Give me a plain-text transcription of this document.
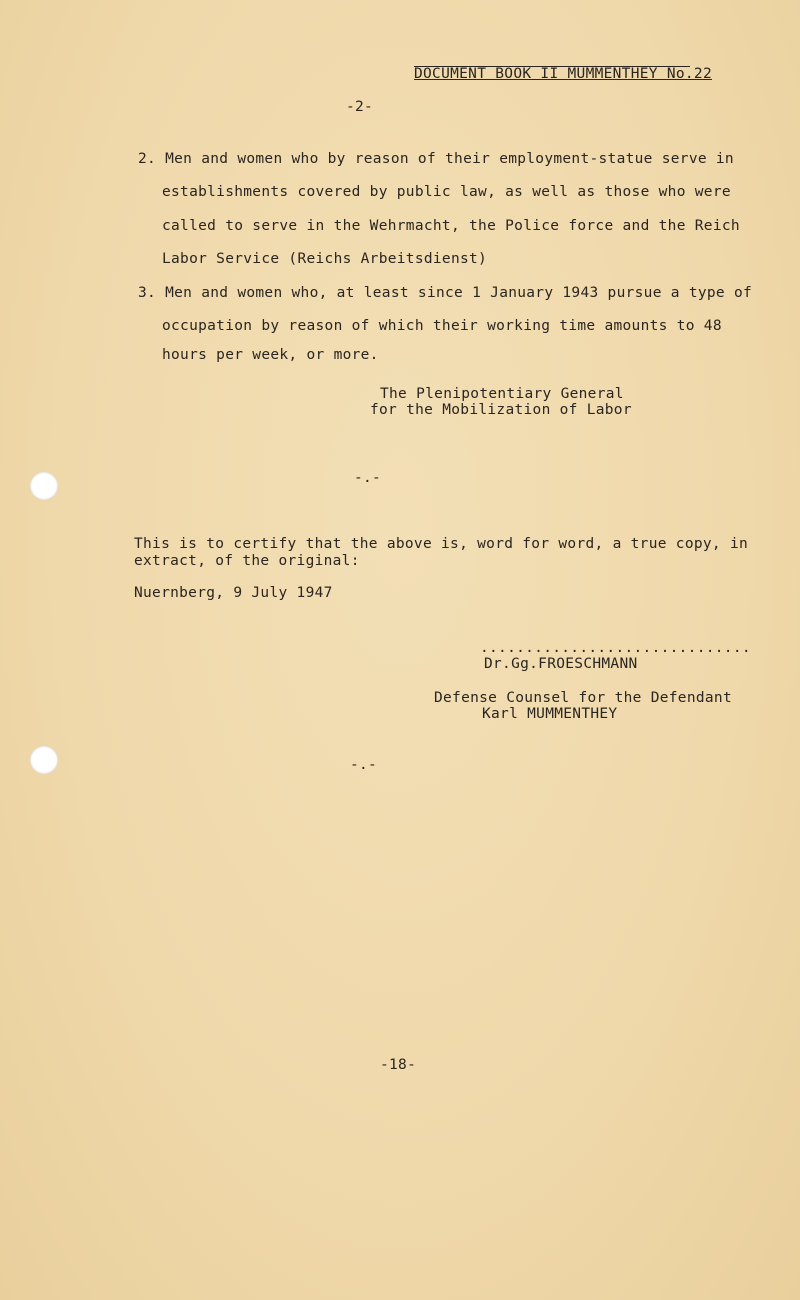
DOCUMENT BOOK II MUMMENTHEY No.22
-2-
2. Men and women who by reason of their employment-statue serve in
establishments covered by public law, as well as those who were
called to serve in the Wehrmacht, the Police force and the Reich
Labor Service (Reichs Arbeitsdienst)
3. Men and women who, at least since 1 January 1943 pursue a type of
occupation by reason of which their working time amounts to 48
hours per week, or more.
The Plenipotentiary General
for the Mobilization of Labor
-.-
This is to certify that the above is, word for word, a true copy, in
extract, of the original:
Nuernberg, 9 July 1947
..............................
Dr.Gg.FROESCHMANN
Defense Counsel for the Defendant
Karl MUMMENTHEY
-.-
-18-
